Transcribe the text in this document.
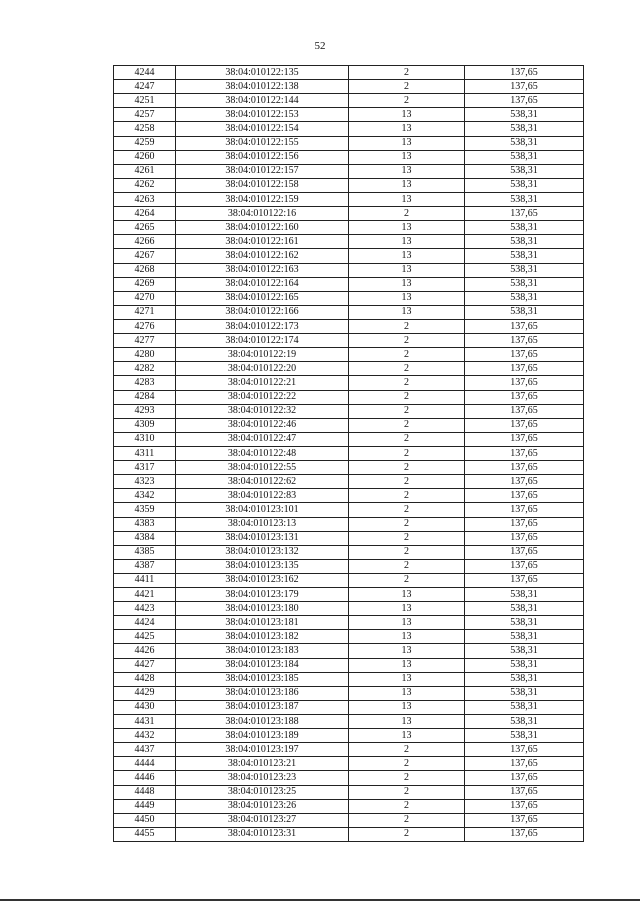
52
4244	38:04:010122:135	2	137,65
4247	38:04:010122:138	2	137,65
4251	38:04:010122:144	2	137,65
4257	38:04:010122:153	13	538,31
4258	38:04:010122:154	13	538,31
4259	38:04:010122:155	13	538,31
4260	38:04:010122:156	13	538,31
4261	38:04:010122:157	13	538,31
4262	38:04:010122:158	13	538,31
4263	38:04:010122:159	13	538,31
4264	38:04:010122:16	2	137,65
4265	38:04:010122:160	13	538,31
4266	38:04:010122:161	13	538,31
4267	38:04:010122:162	13	538,31
4268	38:04:010122:163	13	538,31
4269	38:04:010122:164	13	538,31
4270	38:04:010122:165	13	538,31
4271	38:04:010122:166	13	538,31
4276	38:04:010122:173	2	137,65
4277	38:04:010122:174	2	137,65
4280	38:04:010122:19	2	137,65
4282	38:04:010122:20	2	137,65
4283	38:04:010122:21	2	137,65
4284	38:04:010122:22	2	137,65
4293	38:04:010122:32	2	137,65
4309	38:04:010122:46	2	137,65
4310	38:04:010122:47	2	137,65
4311	38:04:010122:48	2	137,65
4317	38:04:010122:55	2	137,65
4323	38:04:010122:62	2	137,65
4342	38:04:010122:83	2	137,65
4359	38:04:010123:101	2	137,65
4383	38:04:010123:13	2	137,65
4384	38:04:010123:131	2	137,65
4385	38:04:010123:132	2	137,65
4387	38:04:010123:135	2	137,65
4411	38:04:010123:162	2	137,65
4421	38:04:010123:179	13	538,31
4423	38:04:010123:180	13	538,31
4424	38:04:010123:181	13	538,31
4425	38:04:010123:182	13	538,31
4426	38:04:010123:183	13	538,31
4427	38:04:010123:184	13	538,31
4428	38:04:010123:185	13	538,31
4429	38:04:010123:186	13	538,31
4430	38:04:010123:187	13	538,31
4431	38:04:010123:188	13	538,31
4432	38:04:010123:189	13	538,31
4437	38:04:010123:197	2	137,65
4444	38:04:010123:21	2	137,65
4446	38:04:010123:23	2	137,65
4448	38:04:010123:25	2	137,65
4449	38:04:010123:26	2	137,65
4450	38:04:010123:27	2	137,65
4455	38:04:010123:31	2	137,65
